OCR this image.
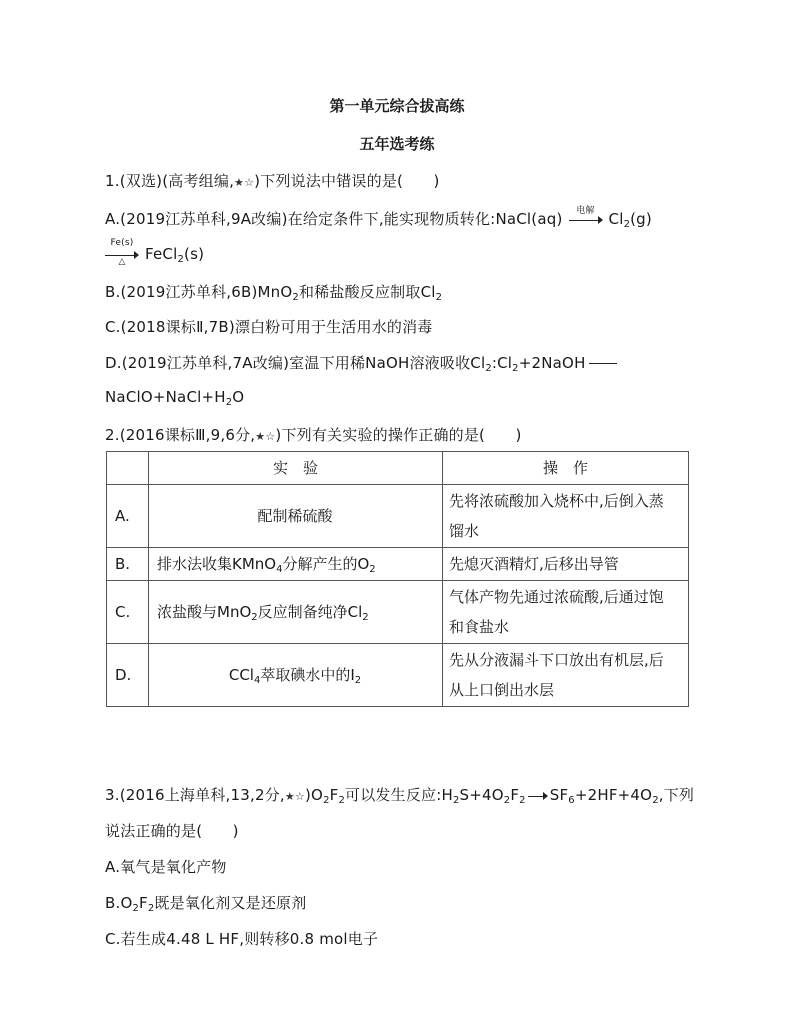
第一单元综合拔高练
五年选考练
1.(双选)(高考组编,★☆)下列说法中错误的是(　　)
A.(2019江苏单科,9A改编)在给定条件下,能实现物质转化:NaCl(aq)	电解 $Cl_2(g)$
Fe(s)
△	FeCl$_2$(s)
B.(2019江苏单科,6B)MnO$_2$和稀盐酸反应制取$Cl_2$
C.(2018课标Ⅱ,7B)漂白粉可用于生活用水的消毒
D.(2019江苏单科,7A改编)室温下用稀NaOH溶液吸收$Cl_2:Cl_2+2NaOH$
$NaClO+NaCl+H_2O$
2.(2016课标Ⅲ,9,6分,★☆)下列有关实验的操作正确的是(　　)
	实　验	操　作
A.	配制稀硫酸	先将浓硫酸加入烧杯中,后倒入蒸
馏水
B.	排水法收集KMnO$_4$分解产生的$O_2$	先熄灭酒精灯,后移出导管
C.	浓盐酸与MnO$_2$反应制备纯净$Cl_2$	气体产物先通过浓硫酸,后通过饱
和食盐水
D.	CCl$_4$萃取碘水中的$I_2$	先从分液漏斗下口放出有机层,后
从上口倒出水层
3.(2016上海单科,13,2分$,★☆)O_2F_2$可以发生反应$:H_2S+4O_2F_2$ $SF_6+2HF+4O_2$,下列
说法正确的是(　　)
A.氧气是氧化产物
$B.O_2F_2$既是氧化剂又是还原剂
C.若生成4.48 L HF,则转移0.8 mol电子
